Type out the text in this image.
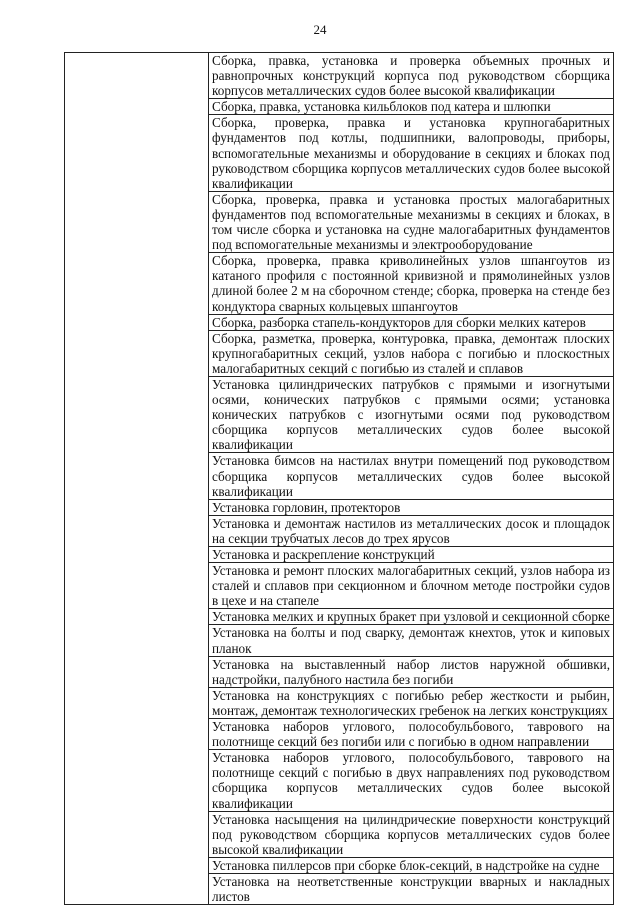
24
	Сборка, правка, установка и проверка объемных прочных и равнопрочных конструкций корпуса под руководством сборщика корпусов металлических судов более высокой квалификации
Сборка, правка, установка кильблоков под катера и шлюпки
Сборка, проверка, правка и установка крупногабаритных фундаментов под котлы, подшипники, валопроводы, приборы, вспомогательные механизмы и оборудование в секциях и блоках под руководством сборщика корпусов металлических судов более высокой квалификации
Сборка, проверка, правка и установка простых малогабаритных фундаментов под вспомогательные механизмы в секциях и блоках, в том числе сборка и установка на судне малогабаритных фундаментов под вспомогательные механизмы и электрооборудование
Сборка, проверка, правка криволинейных узлов шпангоутов из катаного профиля с постоянной кривизной и прямолинейных узлов длиной более 2 м на сборочном стенде; сборка, проверка на стенде без кондуктора сварных кольцевых шпангоутов
Сборка, разборка стапель-кондукторов для сборки мелких катеров
Сборка, разметка, проверка, контуровка, правка, демонтаж плоских крупногабаритных секций, узлов набора с погибью и плоскостных малогабаритных секций с погибью из сталей и сплавов
Установка цилиндрических патрубков с прямыми и изогнутыми осями, конических патрубков с прямыми осями; установка конических патрубков с изогнутыми осями под руководством сборщика корпусов металлических судов более высокой квалификации
Установка бимсов на настилах внутри помещений под руководством сборщика корпусов металлических судов более высокой квалификации
Установка горловин, протекторов
Установка и демонтаж настилов из металлических досок и площадок на секции трубчатых лесов до трех ярусов
Установка и раскрепление конструкций
Установка и ремонт плоских малогабаритных секций, узлов набора из сталей и сплавов при секционном и блочном методе постройки судов в цехе и на стапеле
Установка мелких и крупных бракет при узловой и секционной сборке
Установка на болты и под сварку, демонтаж кнехтов, уток и киповых планок
Установка на выставленный набор листов наружной обшивки, надстройки, палубного настила без погиби
Установка на конструкциях с погибью ребер жесткости и рыбин, монтаж, демонтаж технологических гребенок на легких конструкциях
Установка наборов углового, полособульбового, таврового на полотнище секций без погиби или с погибью в одном направлении
Установка наборов углового, полособульбового, таврового на полотнище секций с погибью в двух направлениях под руководством сборщика корпусов металлических судов более высокой квалификации
Установка насыщения на цилиндрические поверхности конструкций под руководством сборщика корпусов металлических судов более высокой квалификации
Установка пиллерсов при сборке блок-секций, в надстройке на судне
Установка на неответственные конструкции вварных и накладных листов
